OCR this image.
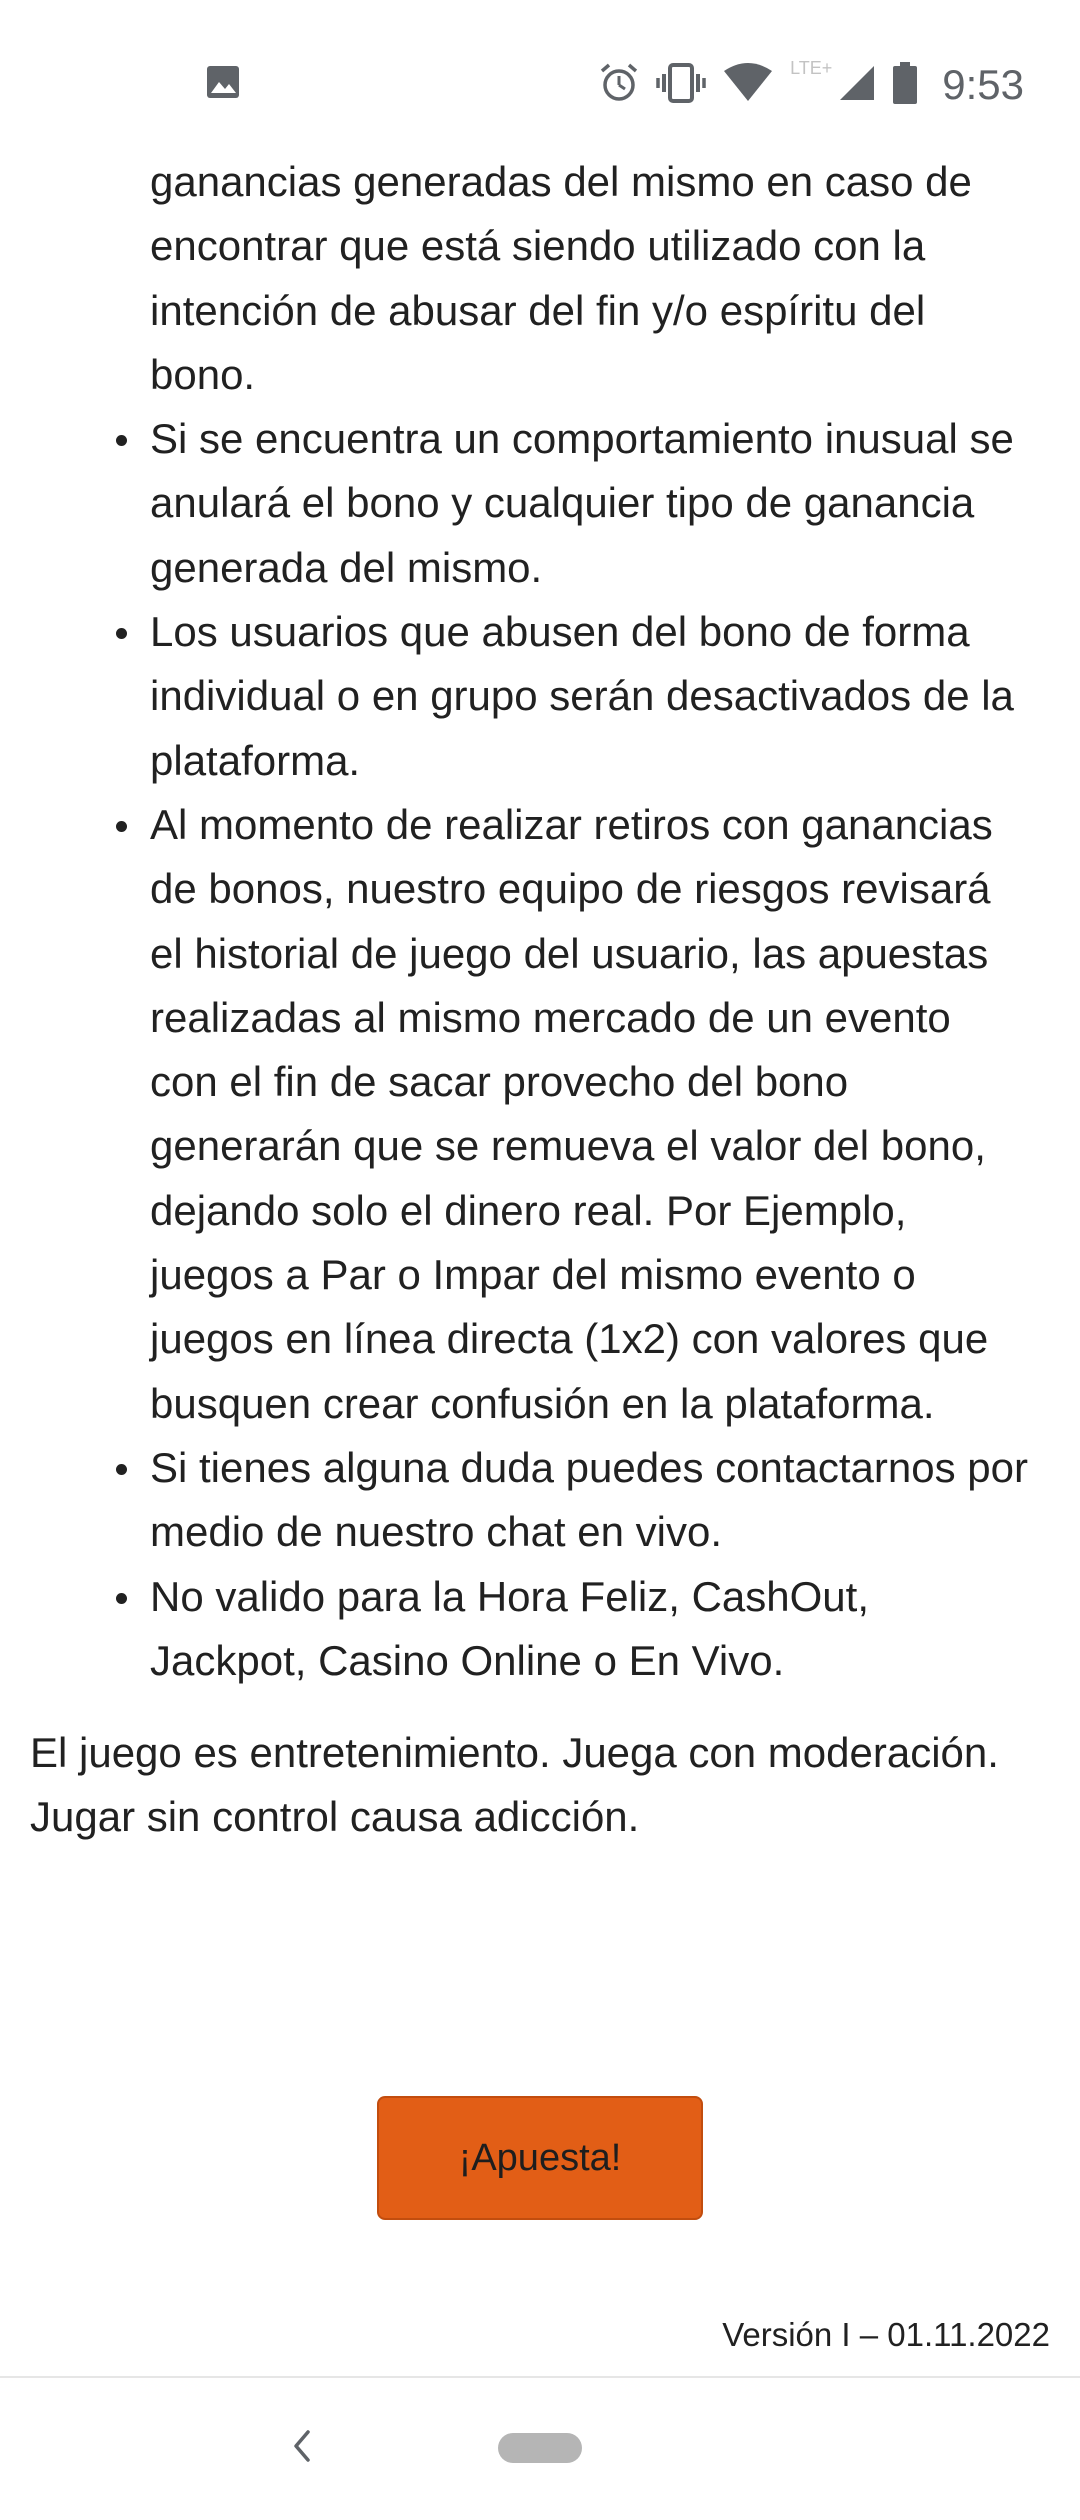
LTE+	9:53
ganancias generadas del mismo en caso de encontrar que está siendo utilizado con la intención de abusar del fin y/o espíritu del bono.
Si se encuentra un comportamiento inusual se anulará el bono y cualquier tipo de ganancia generada del mismo.
Los usuarios que abusen del bono de forma individual o en grupo serán desactivados de la plataforma.
Al momento de realizar retiros con ganancias de bonos, nuestro equipo de riesgos revisará el historial de juego del usuario, las apuestas realizadas al mismo mercado de un evento con el fin de sacar provecho del bono generarán que se remueva el valor del bono, dejando solo el dinero real. Por Ejemplo, juegos a Par o Impar del mismo evento o juegos en línea directa (1x2) con valores que busquen crear confusión en la plataforma.
Si tienes alguna duda puedes contactarnos por medio de nuestro chat en vivo.
No valido para la Hora Feliz, CashOut, Jackpot, Casino Online o En Vivo.

El juego es entretenimiento. Juega con moderación. Jugar sin control causa adicción.

¡Apuesta!
Versión I – 01.11.2022
